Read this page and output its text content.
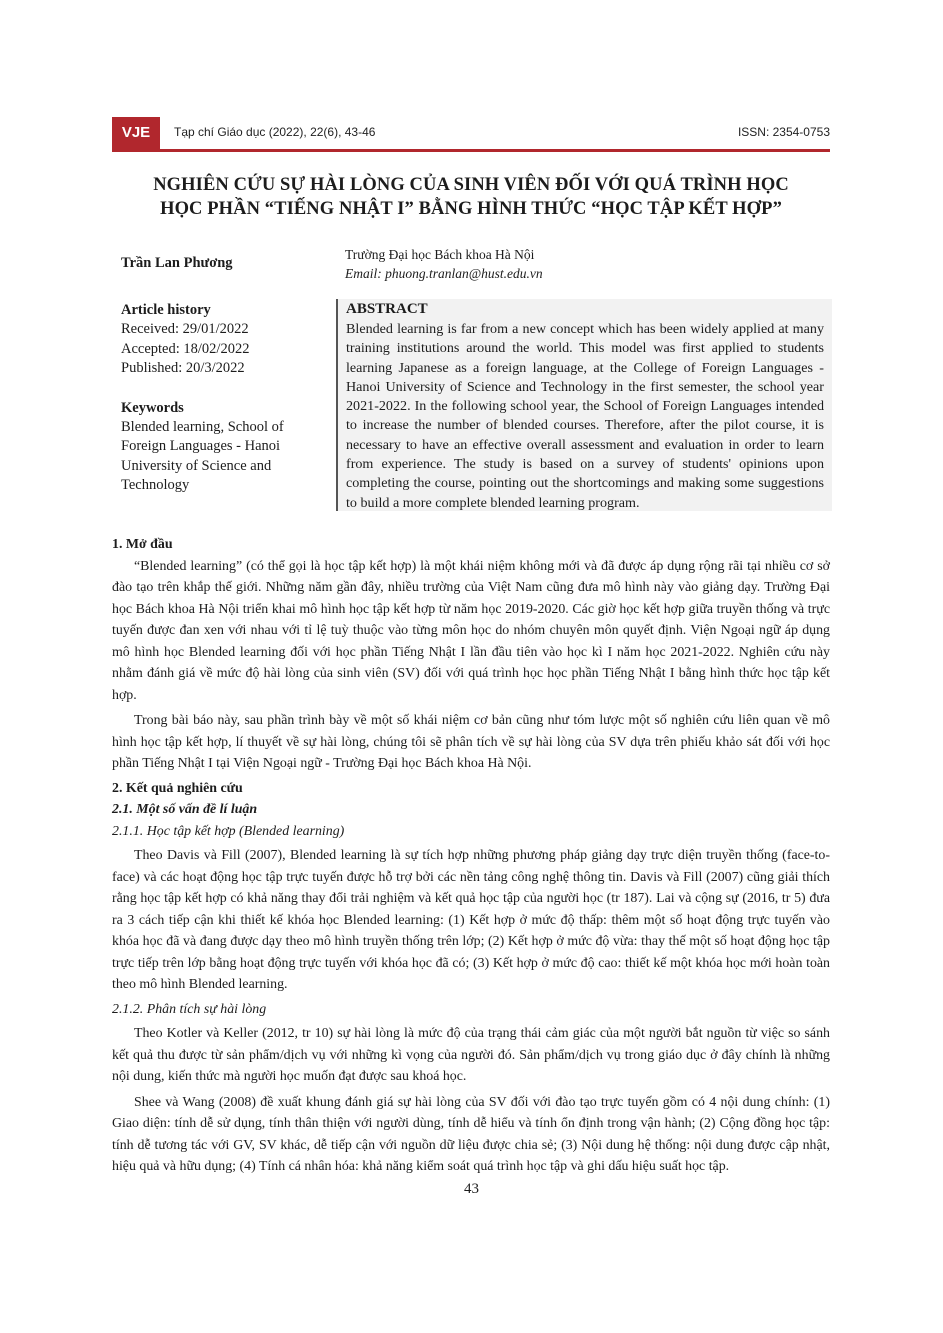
VJE	Tạp chí Giáo dục (2022), 22(6), 43-46	ISSN: 2354-0753
NGHIÊN CỨU SỰ HÀI LÒNG CỦA SINH VIÊN ĐỐI VỚI QUÁ TRÌNH HỌC
HỌC PHẦN “TIẾNG NHẬT I” BẰNG HÌNH THỨC “HỌC TẬP KẾT HỢP”
Trần Lan Phương
Trường Đại học Bách khoa Hà Nội
Email: phuong.tranlan@hust.edu.vn
Article history
Received: 29/01/2022
Accepted: 18/02/2022
Published: 20/3/2022
Keywords
Blended learning, School of Foreign Languages - Hanoi University of Science and Technology
ABSTRACT
Blended learning is far from a new concept which has been widely applied at many training institutions around the world. This model was first applied to students learning Japanese as a foreign language, at the College of Foreign Languages - Hanoi University of Science and Technology in the first semester, the school year 2021-2022. In the following school year, the School of Foreign Languages intended to increase the number of blended courses. Therefore, after the pilot course, it is necessary to have an effective overall assessment and evaluation in order to learn from experience. The study is based on a survey of students' opinions upon completing the course, pointing out the shortcomings and making some suggestions to build a more complete blended learning program.

1. Mở đầu

“Blended learning” (có thể gọi là học tập kết hợp) là một khái niệm không mới và đã được áp dụng rộng rãi tại nhiều cơ sở đào tạo trên khắp thế giới. Những năm gần đây, nhiều trường của Việt Nam cũng đưa mô hình này vào giảng dạy. Trường Đại học Bách khoa Hà Nội triển khai mô hình học tập kết hợp từ năm học 2019-2020. Các giờ học kết hợp giữa truyền thống và trực tuyến được đan xen với nhau với tỉ lệ tuỳ thuộc vào từng môn học do nhóm chuyên môn quyết định. Viện Ngoại ngữ áp dụng mô hình học Blended learning đối với học phần Tiếng Nhật I lần đầu tiên vào học kì I năm học 2021-2022. Nghiên cứu này nhằm đánh giá về mức độ hài lòng của sinh viên (SV) đối với quá trình học học phần Tiếng Nhật I bằng hình thức học tập kết hợp.

Trong bài báo này, sau phần trình bày về một số khái niệm cơ bản cũng như tóm lược một số nghiên cứu liên quan về mô hình học tập kết hợp, lí thuyết về sự hài lòng, chúng tôi sẽ phân tích về sự hài lòng của SV dựa trên phiếu khảo sát đối với học phần Tiếng Nhật I tại Viện Ngoại ngữ - Trường Đại học Bách khoa Hà Nội.

2. Kết quả nghiên cứu

2.1. Một số vấn đề lí luận

2.1.1. Học tập kết hợp (Blended learning)

Theo Davis và Fill (2007), Blended learning là sự tích hợp những phương pháp giảng dạy trực diện truyền thống (face-to-face) và các hoạt động học tập trực tuyến được hỗ trợ bởi các nền tảng công nghệ thông tin. Davis và Fill (2007) cũng giải thích rằng học tập kết hợp có khả năng thay đổi trải nghiệm và kết quả học tập của người học (tr 187). Lai và cộng sự (2016, tr 5) đưa ra 3 cách tiếp cận khi thiết kế khóa học Blended learning: (1) Kết hợp ở mức độ thấp: thêm một số hoạt động trực tuyến vào khóa học đã và đang được dạy theo mô hình truyền thống trên lớp; (2) Kết hợp ở mức độ vừa: thay thế một số hoạt động học tập trực tiếp trên lớp bằng hoạt động trực tuyến với khóa học đã có; (3) Kết hợp ở mức độ cao: thiết kế một khóa học mới hoàn toàn theo mô hình Blended learning.

2.1.2. Phân tích sự hài lòng

Theo Kotler và Keller (2012, tr 10) sự hài lòng là mức độ của trạng thái cảm giác của một người bắt nguồn từ việc so sánh kết quả thu được từ sản phẩm/dịch vụ với những kì vọng của người đó. Sản phẩm/dịch vụ trong giáo dục ở đây chính là những nội dung, kiến thức mà người học muốn đạt được sau khoá học.

Shee và Wang (2008) đề xuất khung đánh giá sự hài lòng của SV đối với đào tạo trực tuyến gồm có 4 nội dung chính: (1) Giao diện: tính dễ sử dụng, tính thân thiện với người dùng, tính dễ hiểu và tính ổn định trong vận hành; (2) Cộng đồng học tập: tính dễ tương tác với GV, SV khác, dễ tiếp cận với nguồn dữ liệu được chia sẻ; (3) Nội dung hệ thống: nội dung được cập nhật, hiệu quả và hữu dụng; (4) Tính cá nhân hóa: khả năng kiểm soát quá trình học tập và ghi dấu hiệu suất học tập.

43
